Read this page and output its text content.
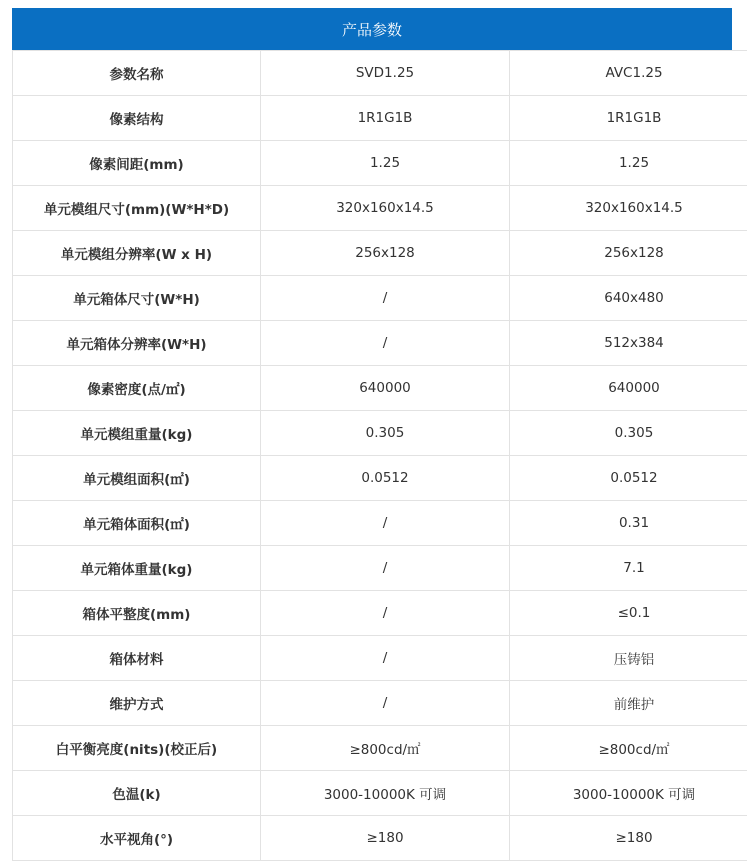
产品参数
参数名称	SVD1.25	AVC1.25
像素结构	1R1G1B	1R1G1B
像素间距(mm)	1.25	1.25
单元模组尺寸(mm)(W*H*D)	320x160x14.5	320x160x14.5
单元模组分辨率(W x H)	256x128	256x128
单元箱体尺寸(W*H)	/	640x480
单元箱体分辨率(W*H)	/	512x384
像素密度(点/㎡)	640000	640000
单元模组重量(kg)	0.305	0.305
单元模组面积(㎡)	0.0512	0.0512
单元箱体面积(㎡)	/	0.31
单元箱体重量(kg)	/	7.1
箱体平整度(mm)	/	≤0.1
箱体材料	/	压铸铝
维护方式	/	前维护
白平衡亮度(nits)(校正后)	≥800cd/㎡	≥800cd/㎡
色温(k)	3000-10000K 可调	3000-10000K 可调
水平视角(°)	≥180	≥180
